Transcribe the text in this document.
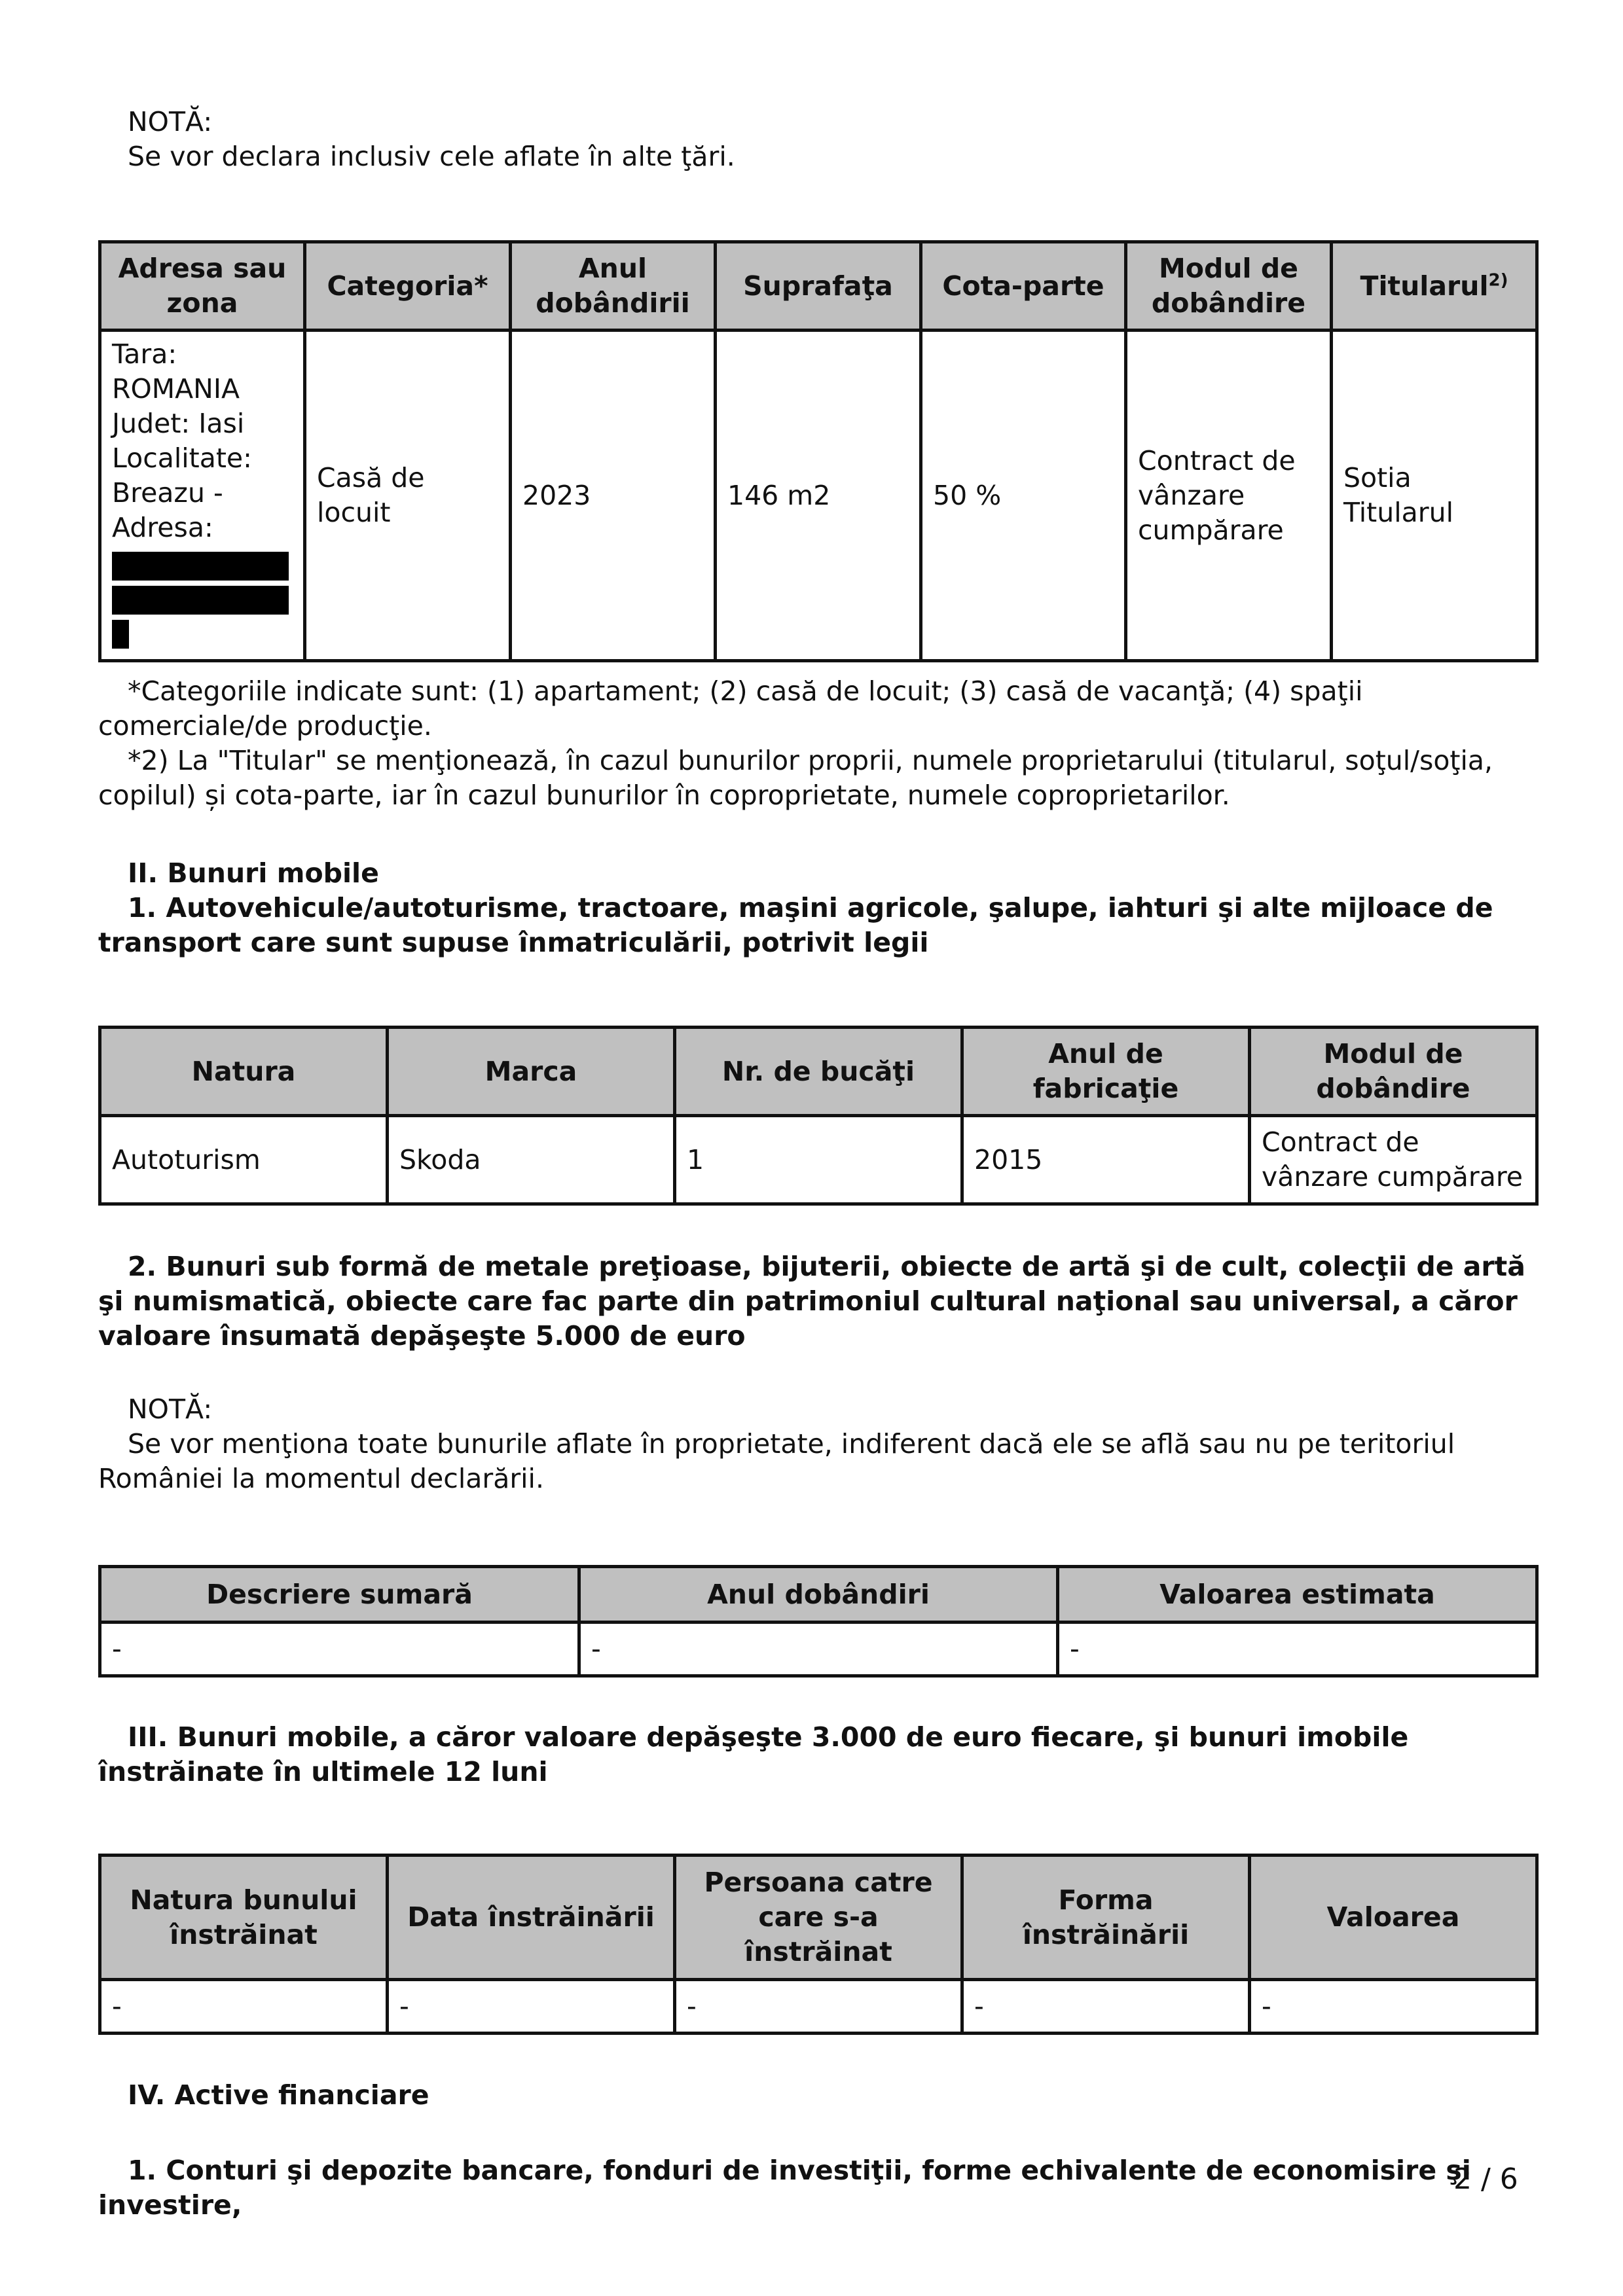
NOTĂ:

Se vor declara inclusiv cele aflate în alte ţări.

Adresa sau zona	Categoria*	Anul dobândirii	Suprafaţa	Cota-parte	Modul de dobândire	Titularul$^{2)}$
Tara: ROMANIA Judet: Iasi Localitate: Breazu - Adresa:	Casă de locuit	2023	146 m2	50 %	Contract de vânzare cumpărare	Sotia Titularul

*Categoriile indicate sunt: (1) apartament; (2) casă de locuit; (3) casă de vacanţă; (4) spaţii comerciale/de producţie.

*2) La "Titular" se menţionează, în cazul bunurilor proprii, numele proprietarului (titularul, soţul/soţia, copilul) și cota-parte, iar în cazul bunurilor în coproprietate, numele coproprietarilor.

II. Bunuri mobile

1. Autovehicule/autoturisme, tractoare, maşini agricole, şalupe, iahturi şi alte mijloace de transport care sunt supuse înmatriculării, potrivit legii

Natura	Marca	Nr. de bucăţi	Anul de fabricaţie	Modul de dobândire
Autoturism	Skoda	1	2015	Contract de vânzare cumpărare

2. Bunuri sub formă de metale preţioase, bijuterii, obiecte de artă şi de cult, colecţii de artă şi numismatică, obiecte care fac parte din patrimoniul cultural naţional sau universal, a căror valoare însumată depăşeşte 5.000 de euro

NOTĂ:

Se vor menţiona toate bunurile aflate în proprietate, indiferent dacă ele se află sau nu pe teritoriul României la momentul declarării.

Descriere sumară	Anul dobândiri	Valoarea estimata
-	-	-

III. Bunuri mobile, a căror valoare depăşeşte 3.000 de euro fiecare, şi bunuri imobile înstrăinate în ultimele 12 luni

Natura bunului înstrăinat	Data înstrăinării	Persoana catre care s-a înstrăinat	Forma înstrăinării	Valoarea
-	-	-	-	-

IV. Active financiare

1. Conturi şi depozite bancare, fonduri de investiţii, forme echivalente de economisire şi investire,

2 / 6
